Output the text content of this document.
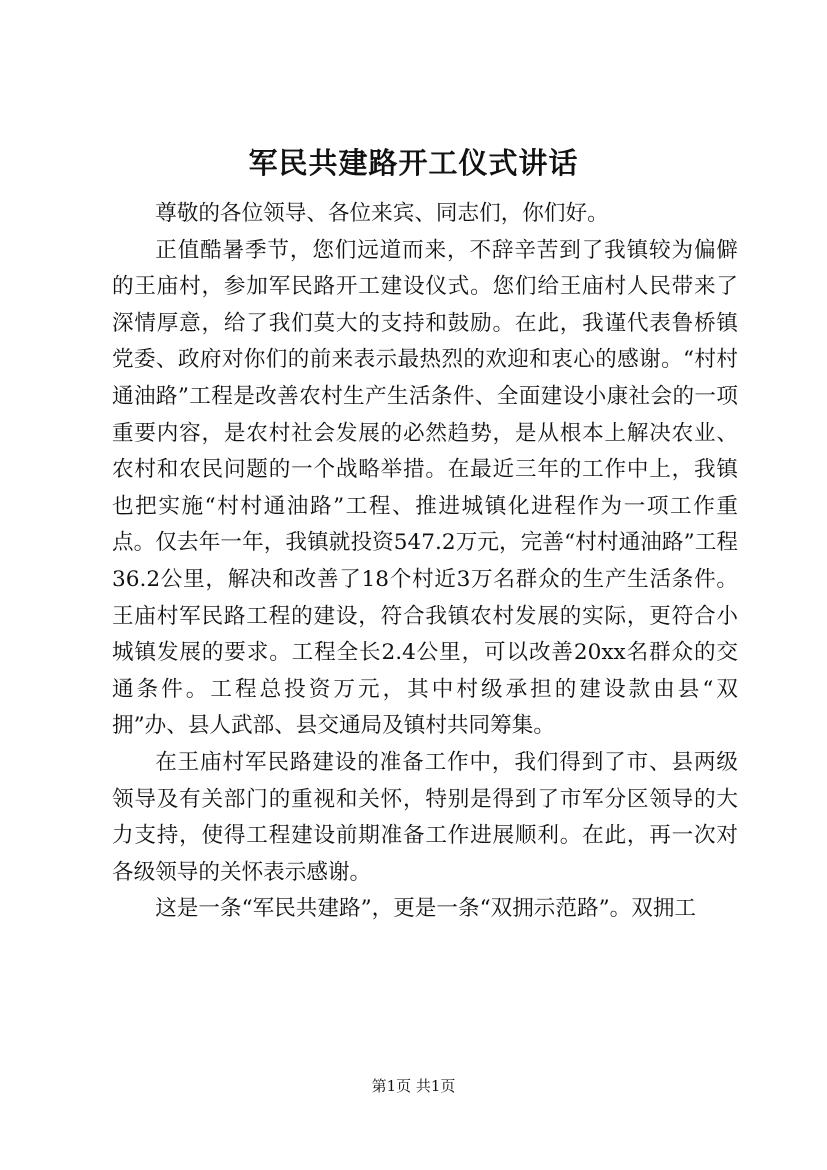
军民共建路开工仪式讲话

尊敬的各位领导、各位来宾、同志们，你们好。

正值酷暑季节，您们远道而来，不辞辛苦到了我镇较为偏僻的王庙村，参加军民路开工建设仪式。您们给王庙村人民带来了深情厚意，给了我们莫大的支持和鼓励。在此，我谨代表鲁桥镇党委、政府对你们的前来表示最热烈的欢迎和衷心的感谢。“村村通油路”工程是改善农村生产生活条件、全面建设小康社会的一项重要内容，是农村社会发展的必然趋势，是从根本上解决农业、农村和农民问题的一个战略举措。在最近三年的工作中上，我镇也把实施“村村通油路”工程、推进城镇化进程作为一项工作重点。仅去年一年，我镇就投资547.2万元，完善“村村通油路”工程36.2公里，解决和改善了18个村近3万名群众的生产生活条件。王庙村军民路工程的建设，符合我镇农村发展的实际，更符合小城镇发展的要求。工程全长2.4公里，可以改善20xx名群众的交通条件。工程总投资万元，其中村级承担的建设款由县“双拥”办、县人武部、县交通局及镇村共同筹集。

在王庙村军民路建设的准备工作中，我们得到了市、县两级领导及有关部门的重视和关怀，特别是得到了市军分区领导的大力支持，使得工程建设前期准备工作进展顺利。在此，再一次对各级领导的关怀表示感谢。

这是一条“军民共建路”，更是一条“双拥示范路”。双拥工

第1页 共1页
